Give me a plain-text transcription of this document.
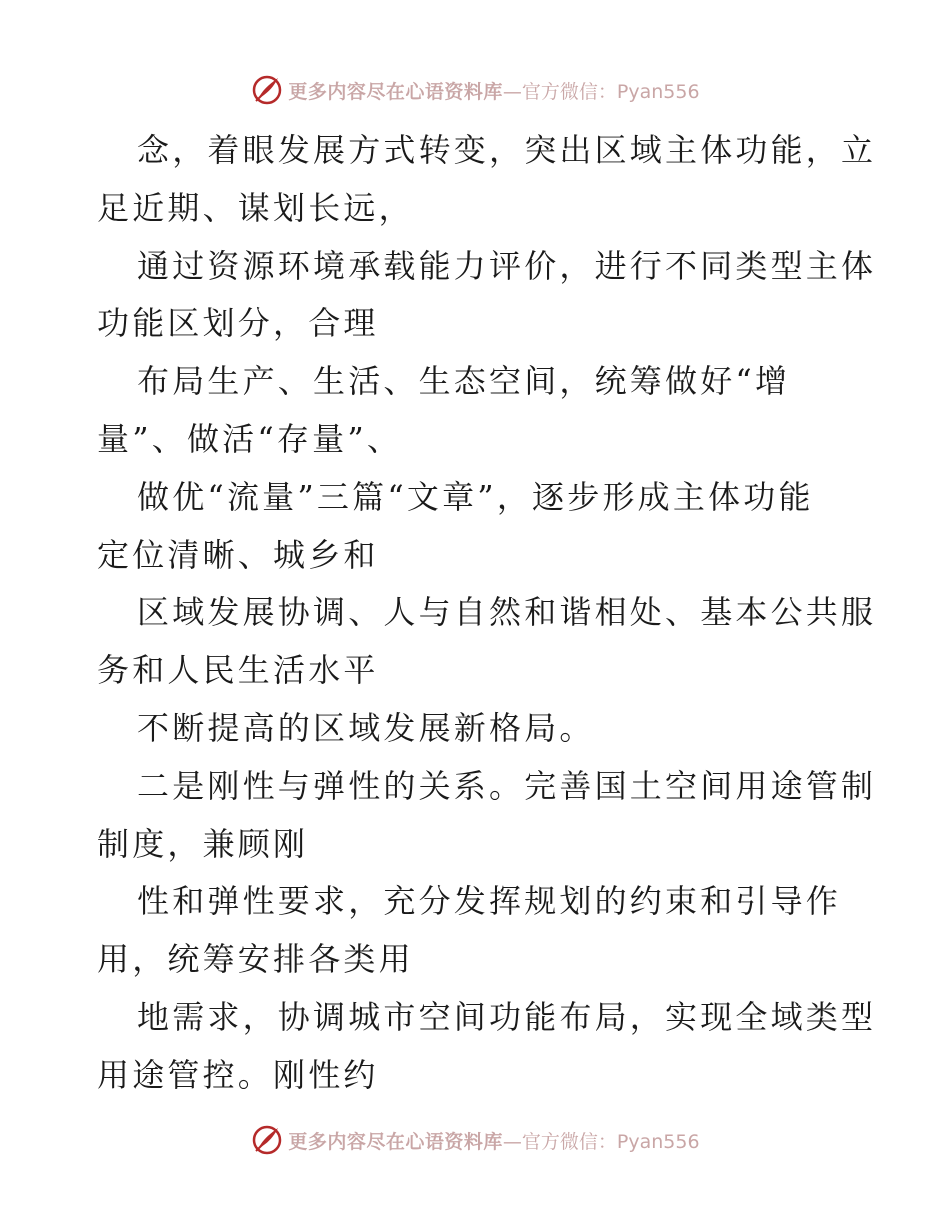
更多内容尽在心语资料库 —官方微信：Pyan556
念，着眼发展方式转变，突出区域主体功能，立
足近期、谋划长远，
通过资源环境承载能力评价，进行不同类型主体
功能区划分，合理
布局生产、生活、生态空间，统筹做好“增
量”、做活“存量”、
做优“流量”三篇“文章”，逐步形成主体功能
定位清晰、城乡和
区域发展协调、人与自然和谐相处、基本公共服
务和人民生活水平
不断提高的区域发展新格局。
二是刚性与弹性的关系。完善国土空间用途管制
制度，兼顾刚
性和弹性要求，充分发挥规划的约束和引导作
用，统筹安排各类用
地需求，协调城市空间功能布局，实现全域类型
用途管控。刚性约
更多内容尽在心语资料库 —官方微信：Pyan556
